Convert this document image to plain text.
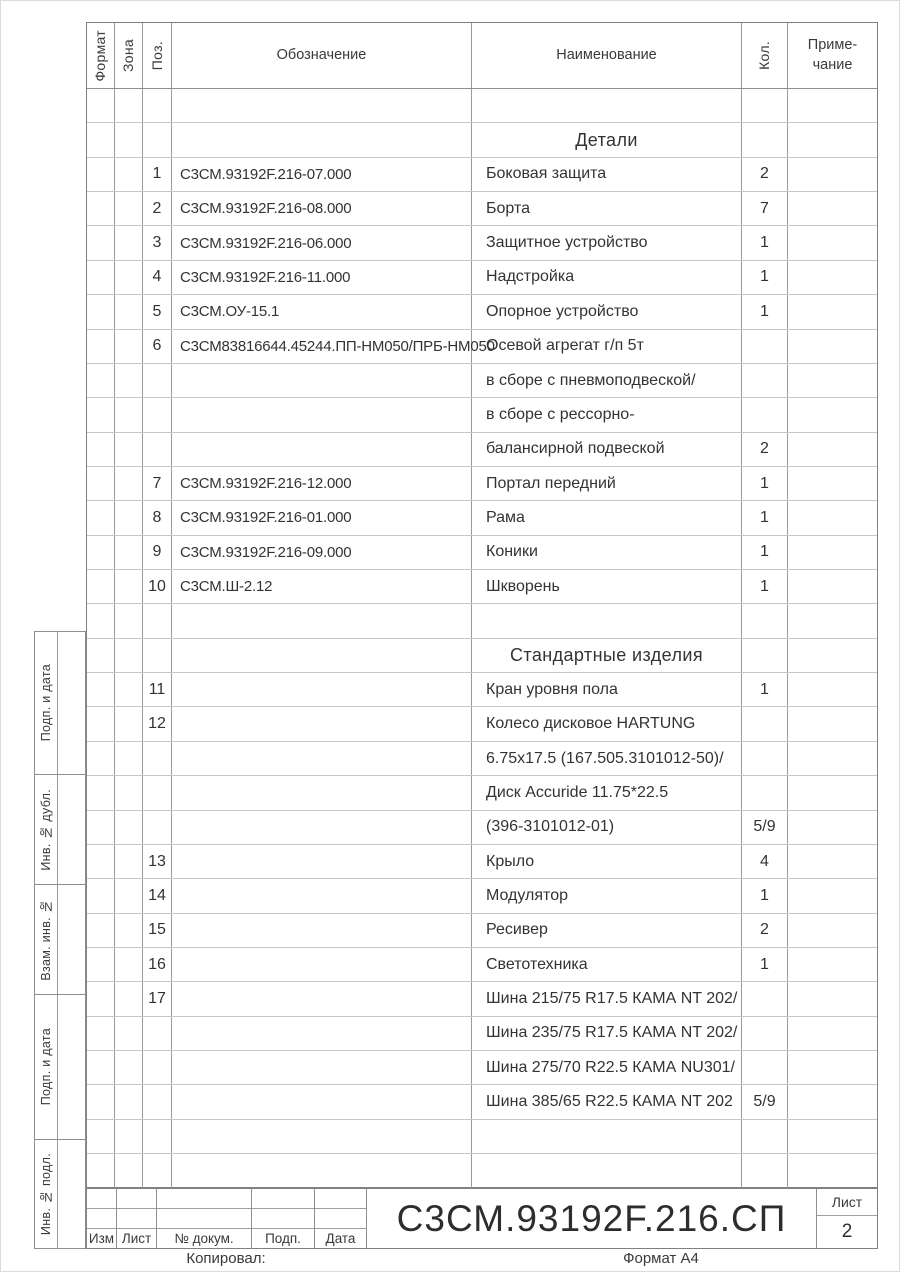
Формат Зона Поз.	Обозначение	Наименование	Кол. Приме-
чание
Детали
1	С3СМ.93192F.216-07.000	Боковая защита	2
2	С3СМ.93192F.216-08.000	Борта	7
3	С3СМ.93192F.216-06.000	Защитное устройство	1
4	С3СМ.93192F.216-11.000	Надстройка	1
5	С3СМ.ОУ-15.1	Опорное устройство	1
6	С3СМ83816644.45244.ПП-НМ050/ПРБ-НМ050
Осевой агрегат г/п 5т
в сборе с пневмоподвеской/
в сборе с рессорно-
балансирной подвеской	2
7	С3СМ.93192F.216-12.000	Портал передний	1
8	С3СМ.93192F.216-01.000	Рама	1
9	С3СМ.93192F.216-09.000	Коники	1
10 С3СМ.Ш-2.12	Шкворень	1
Стандартные изделия
11	Кран уровня пола	1
12	Колесо дисковое HARTUNG
6.75x17.5 (167.505.3101012-50)/
Диск Accuride 11.75*22.5
(396-3101012-01)	5/9
13	Крыло	4
14	Модулятор	1
15	Ресивер	2
16	Светотехника	1
17	Шина 215/75 R17.5 КАМА NT 202/
Шина 235/75 R17.5 КАМА NT 202/
Шина 275/70 R22.5 КАМА NU301/
Шина 385/65 R22.5 КАМА NT 202	5/9
Подп. и дата
Инв. № дубл.
Взам. инв. №
Подп. и дата
Инв. № подл.
Изм Лист	№ докум.	Подп.	Дата	С3СМ.93192F.216.СП	Лист
2
Копировал:	Формат А4
